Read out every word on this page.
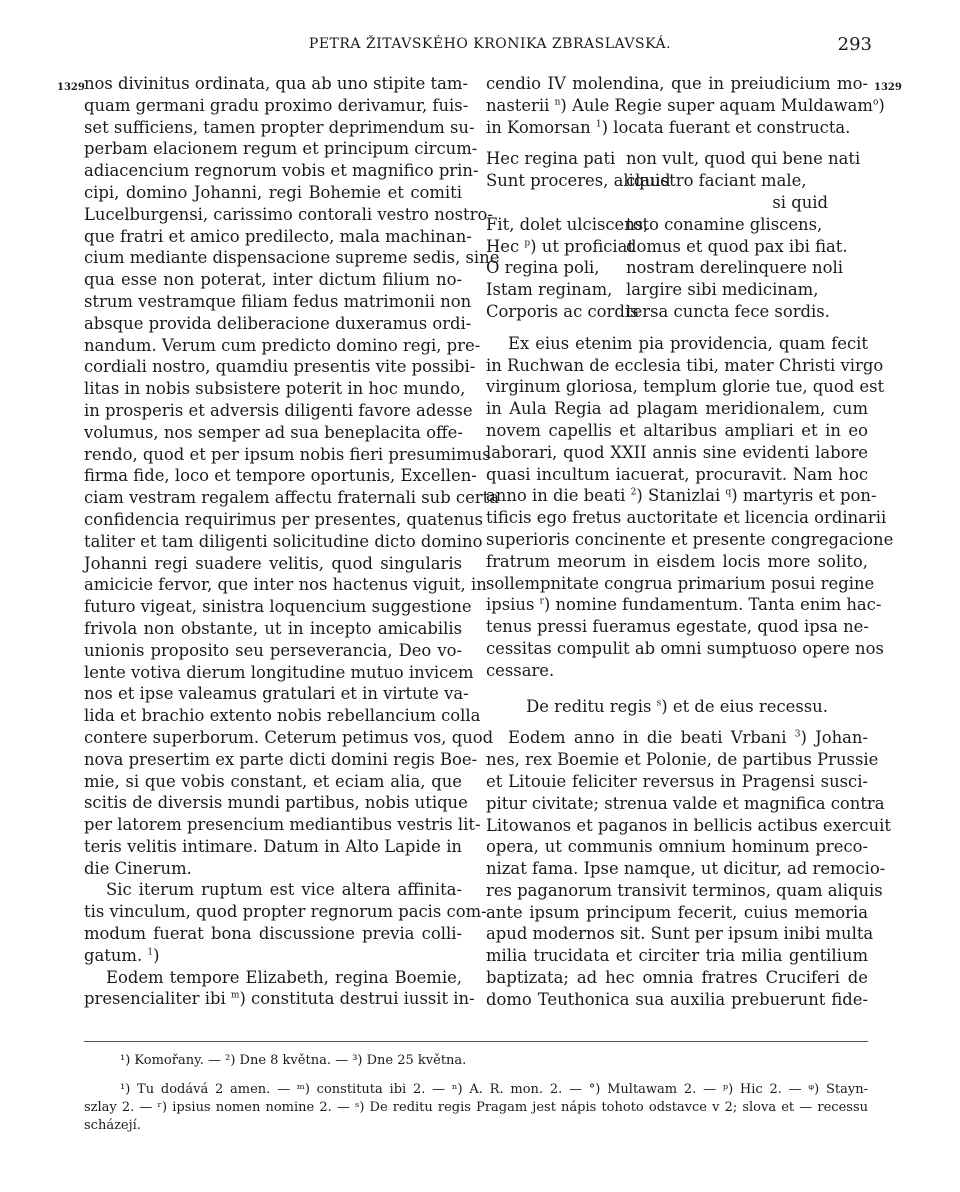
PETRA ŽITAVSKÉHO KRONIKA ZBRASLAVSKÁ.	293
1329	1329
nos divinitus ordinata, qua ab uno stipite tam-
quam germani gradu proximo derivamur, fuis-
set sufficiens, tamen propter deprimendum su-
perbam elacionem regum et principum circum-
adiacencium regnorum vobis et magnifico prin-
cipi, domino Johanni, regi Bohemie et comiti
Lucelburgensi, carissimo contorali vestro nostro-
que fratri et amico predilecto, mala machinan-
cium mediante dispensacione supreme sedis, sine
qua esse non poterat, inter dictum filium no-
strum vestramque filiam fedus matrimonii non
absque provida deliberacione duxeramus ordi-
nandum. Verum cum predicto domino regi, pre-
cordiali nostro, quamdiu presentis vite possibi-
litas in nobis subsistere poterit in hoc mundo,
in prosperis et adversis diligenti favore adesse
volumus, nos semper ad sua beneplacita offe-
rendo, quod et per ipsum nobis fieri presumimus
firma fide, loco et tempore oportunis, Excellen-
ciam vestram regalem affectu fraternali sub certa
confidencia requirimus per presentes, quatenus
taliter et tam diligenti solicitudine dicto domino
Johanni regi suadere velitis, quod singularis
amicicie fervor, que inter nos hactenus viguit, in
futuro vigeat, sinistra loquencium suggestione
frivola non obstante, ut in incepto amicabilis
unionis proposito seu perseverancia, Deo vo-
lente votiva dierum longitudine mutuo invicem
nos et ipse valeamus gratulari et in virtute va-
lida et brachio extento nobis rebellancium colla
contere superborum. Ceterum petimus vos, quod
nova presertim ex parte dicti domini regis Boe-
mie, si que vobis constant, et eciam alia, que
scitis de diversis mundi partibus, nobis utique
per latorem presencium mediantibus vestris lit-
teris velitis intimare. Datum in Alto Lapide in
die Cinerum.
Sic iterum ruptum est vice altera affinita-
tis vinculum, quod propter regnorum pacis com-
modum fuerat bona discussione previa colli-
gatum. $^1$)
Eodem tempore Elizabeth, regina Boemie,
presencialiter ibi $^m$) constituta destrui iussit in-
cendio IV molendina, que in preiudicium mo-
nasterii $^n$) Aule Regie super aquam Muldawam$^o$)
in Komorsan $^1$) locata fuerant et constructa.
Hec regina pati non vult, quod qui bene nati
Sunt proceres, aliquid
claustro faciant male,
si quid
Fit, dolet ulciscens,
toto conamine gliscens,
Hec $^p$) ut proficiat
domus et quod pax ibi fiat.
O regina poli,	nostram derelinquere noli
Istam reginam, largire sibi medicinam,
Corporis ac cordis
tersa cuncta fece sordis.
Ex eius etenim pia providencia, quam fecit
in Ruchwan de ecclesia tibi, mater Christi virgo
virginum gloriosa, templum glorie tue, quod est
in Aula Regia ad plagam meridionalem, cum
novem capellis et altaribus ampliari et in eo
laborari, quod XXII annis sine evidenti labore
quasi incultum iacuerat, procuravit. Nam hoc
anno in die beati $^2$) Stanizlai $^q$) martyris et pon-
tificis ego fretus auctoritate et licencia ordinarii
superioris concinente et presente congregacione
fratrum meorum in eisdem locis more solito,
sollempnitate congrua primarium posui regine
ipsius $^r$) nomine fundamentum. Tanta enim hac-
tenus pressi fueramus egestate, quod ipsa ne-
cessitas compulit ab omni sumptuoso opere nos
cessare.
De reditu regis $^s$) et de eius recessu.
Eodem anno in die beati Vrbani $^3$) Johan-
nes, rex Boemie et Polonie, de partibus Prussie
et Litouie feliciter reversus in Pragensi susci-
pitur civitate; strenua valde et magnifica contra
Litowanos et paganos in bellicis actibus exercuit
opera, ut communis omnium hominum preco-
nizat fama. Ipse namque, ut dicitur, ad remocio-
res paganorum transivit terminos, quam aliquis
ante ipsum principum fecerit, cuius memoria
apud modernos sit. Sunt per ipsum inibi multa
milia trucidata et circiter tria milia gentilium
baptizata; ad hec omnia fratres Cruciferi de
domo Teuthonica sua auxilia prebuerunt fide-
¹) Komořany. — ²) Dne 8 května. — ³) Dne 25 května.
¹) Tu dodává 2 amen. — ᵐ) constituta ibi 2. — ⁿ) A. R. mon. 2. — °) Multawam 2. — ᵖ) Hic 2. — ᵠ) Stayn-
szlay 2. — ʳ) ipsius nomen nomine 2. — ˢ) De reditu regis Pragam jest nápis tohoto odstavce v 2; slova et — recessu
scházejí.
